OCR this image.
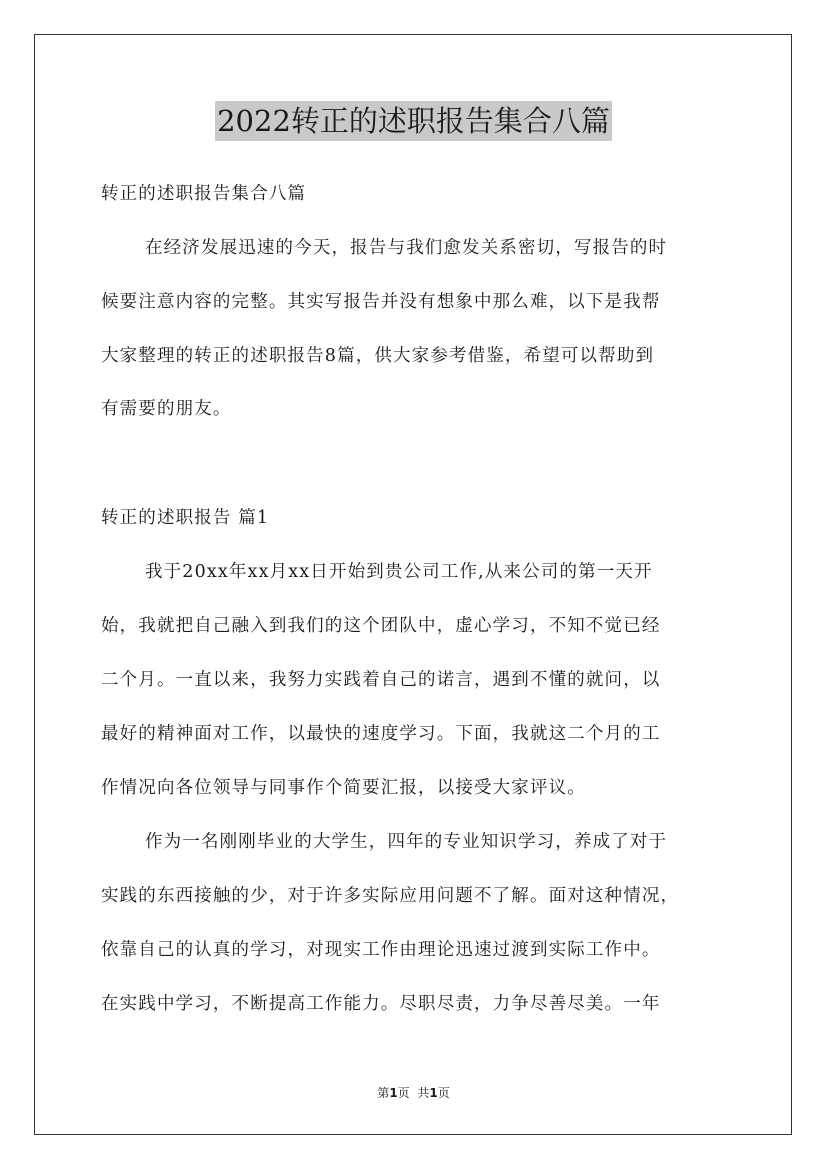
2022转正的述职报告集合八篇
转正的述职报告集合八篇
在经济发展迅速的今天，报告与我们愈发关系密切，写报告的时
候要注意内容的完整。其实写报告并没有想象中那么难，以下是我帮
大家整理的转正的述职报告8篇，供大家参考借鉴，希望可以帮助到
有需要的朋友。
转正的述职报告 篇1
我于20xx年xx月xx日开始到贵公司工作,从来公司的第一天开
始，我就把自己融入到我们的这个团队中，虚心学习，不知不觉已经
二个月。一直以来，我努力实践着自己的诺言，遇到不懂的就问，以
最好的精神面对工作，以最快的速度学习。下面，我就这二个月的工
作情况向各位领导与同事作个简要汇报，以接受大家评议。
作为一名刚刚毕业的大学生，四年的专业知识学习，养成了对于
实践的东西接触的少，对于许多实际应用问题不了解。面对这种情况，
依靠自己的认真的学习，对现实工作由理论迅速过渡到实际工作中。
在实践中学习，不断提高工作能力。尽职尽责，力争尽善尽美。一年
第1页  共1页
